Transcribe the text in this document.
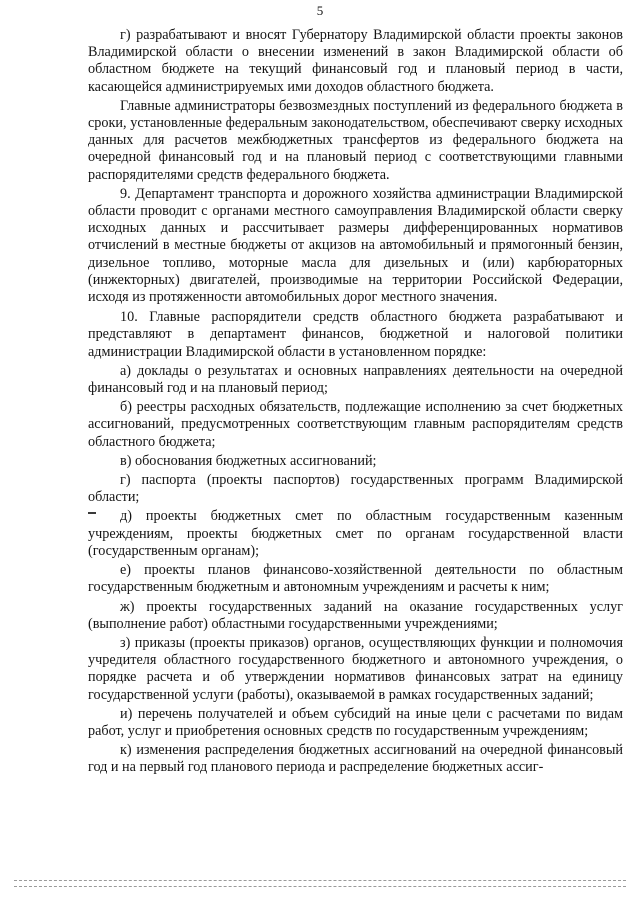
5

г) разрабатывают и вносят Губернатору Владимирской области проекты законов Владимирской области о внесении изменений в закон Владимирской области об областном бюджете на текущий финансовый год и плановый период в части, касающейся администрируемых ими доходов областного бюджета.

Главные администраторы безвозмездных поступлений из федерального бюджета в сроки, установленные федеральным законодательством, обеспечивают сверку исходных данных для расчетов межбюджетных трансфертов из федерального бюджета на очередной финансовый год и на плановый период с соответствующими главными распорядителями средств федерального бюджета.

9. Департамент транспорта и дорожного хозяйства администрации Владимирской области проводит с органами местного самоуправления Владимирской области сверку исходных данных и рассчитывает размеры дифференцированных нормативов отчислений в местные бюджеты от акцизов на автомобильный и прямогонный бензин, дизельное топливо, моторные масла для дизельных и (или) карбюраторных (инжекторных) двигателей, производимые на территории Российской Федерации, исходя из протяженности автомобильных дорог местного значения.

10. Главные распорядители средств областного бюджета разрабатывают и представляют в департамент финансов, бюджетной и налоговой политики администрации Владимирской области в установленном порядке:

а) доклады о результатах и основных направлениях деятельности на очередной финансовый год и на плановый период;

б) реестры расходных обязательств, подлежащие исполнению за счет бюджетных ассигнований, предусмотренных соответствующим главным распорядителям средств областного бюджета;

в) обоснования бюджетных ассигнований;

г) паспорта (проекты паспортов) государственных программ Владимирской области;

д) проекты бюджетных смет по областным государственным казенным учреждениям, проекты бюджетных смет по органам государственной власти (государственным органам);

е) проекты планов финансово-хозяйственной деятельности по областным государственным бюджетным и автономным учреждениям и расчеты к ним;

ж) проекты государственных заданий на оказание государственных услуг (выполнение работ) областными государственными учреждениями;

з) приказы (проекты приказов) органов, осуществляющих функции и полномочия учредителя областного государственного бюджетного и автономного учреждения, о порядке расчета и об утверждении нормативов финансовых затрат на единицу государственной услуги (работы), оказываемой в рамках государственных заданий;

и) перечень получателей и объем субсидий на иные цели с расчетами по видам работ, услуг и приобретения основных средств по государственным учреждениям;

к) изменения распределения бюджетных ассигнований на очередной финансовый год и на первый год планового периода и распределение бюджетных ассиг-
